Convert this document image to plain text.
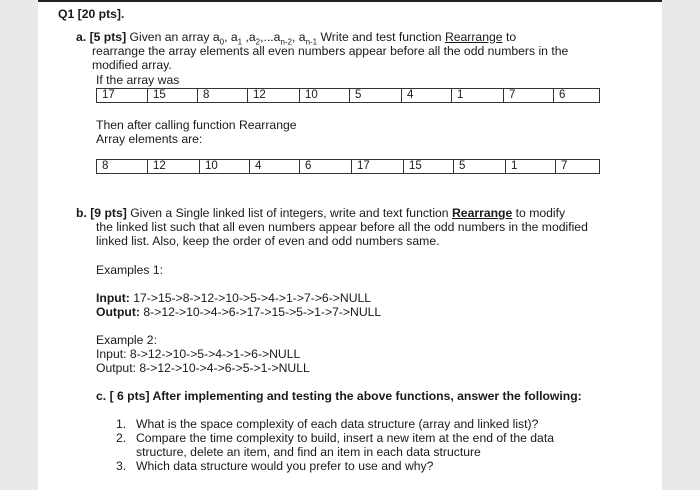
Q1 [20 pts].
a. [5 pts] Given an array $a_0$, $a_1$ $,a_2,...a_{n-2}$, $a_{n-1}$ Write and test function Rearrange to
rearrange the array elements all even numbers appear before all the odd numbers in the
modified array.
If the array was
17	15	8	12	10	5	4	1	7	6
Then after calling function Rearrange
Array elements are:
8	12	10	4	6	17	15	5	1	7
b. [9 pts] Given a Single linked list of integers, write and text function Rearrange to modify
the linked list such that all even numbers appear before all the odd numbers in the modified
linked list. Also, keep the order of even and odd numbers same.
Examples 1:
Input: 17->15->8->12->10->5->4->1->7->6->NULL
Output: 8->12->10->4->6->17->15->5->1->7->NULL
Example 2:
Input: 8->12->10->5->4->1->6->NULL
Output: 8->12->10->4->6->5->1->NULL
c. [ 6 pts] After implementing and testing the above functions, answer the following:
1. What is the space complexity of each data structure (array and linked list)?
2. Compare the time complexity to build, insert a new item at the end of the data
structure, delete an item, and find an item in each data structure
3. Which data structure would you prefer to use and why?
